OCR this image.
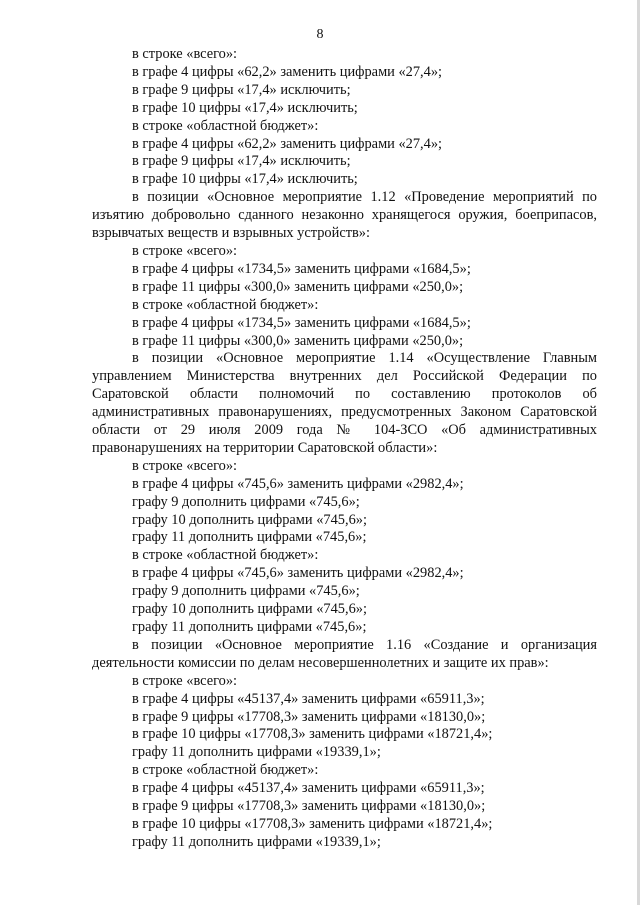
8
в строке «всего»:
в графе 4 цифры «62,2» заменить цифрами «27,4»;
в графе 9 цифры «17,4» исключить;
в графе 10 цифры «17,4» исключить;
в строке «областной бюджет»:
в графе 4 цифры «62,2» заменить цифрами «27,4»;
в графе 9 цифры «17,4» исключить;
в графе 10 цифры «17,4» исключить;
в позиции «Основное мероприятие 1.12 «Проведение мероприятий по изъятию добровольно сданного незаконно хранящегося оружия, боеприпасов, взрывчатых веществ и взрывных устройств»:
в строке «всего»:
в графе 4 цифры «1734,5» заменить цифрами «1684,5»;
в графе 11 цифры «300,0» заменить цифрами «250,0»;
в строке «областной бюджет»:
в графе 4 цифры «1734,5» заменить цифрами «1684,5»;
в графе 11 цифры «300,0» заменить цифрами «250,0»;
в позиции «Основное мероприятие 1.14 «Осуществление Главным управлением Министерства внутренних дел Российской Федерации по Саратовской области полномочий по составлению протоколов об административных правонарушениях, предусмотренных Законом Саратовской области от 29 июля 2009 года № 104-ЗСО «Об административных правонарушениях на территории Саратовской области»:
в строке «всего»:
в графе 4 цифры «745,6» заменить цифрами «2982,4»;
графу 9 дополнить цифрами «745,6»;
графу 10 дополнить цифрами «745,6»;
графу 11 дополнить цифрами «745,6»;
в строке «областной бюджет»:
в графе 4 цифры «745,6» заменить цифрами «2982,4»;
графу 9 дополнить цифрами «745,6»;
графу 10 дополнить цифрами «745,6»;
графу 11 дополнить цифрами «745,6»;
в позиции «Основное мероприятие 1.16 «Создание и организация деятельности комиссии по делам несовершеннолетних и защите их прав»:
в строке «всего»:
в графе 4 цифры «45137,4» заменить цифрами «65911,3»;
в графе 9 цифры «17708,3» заменить цифрами «18130,0»;
в графе 10 цифры «17708,3» заменить цифрами «18721,4»;
графу 11 дополнить цифрами «19339,1»;
в строке «областной бюджет»:
в графе 4 цифры «45137,4» заменить цифрами «65911,3»;
в графе 9 цифры «17708,3» заменить цифрами «18130,0»;
в графе 10 цифры «17708,3» заменить цифрами «18721,4»;
графу 11 дополнить цифрами «19339,1»;
